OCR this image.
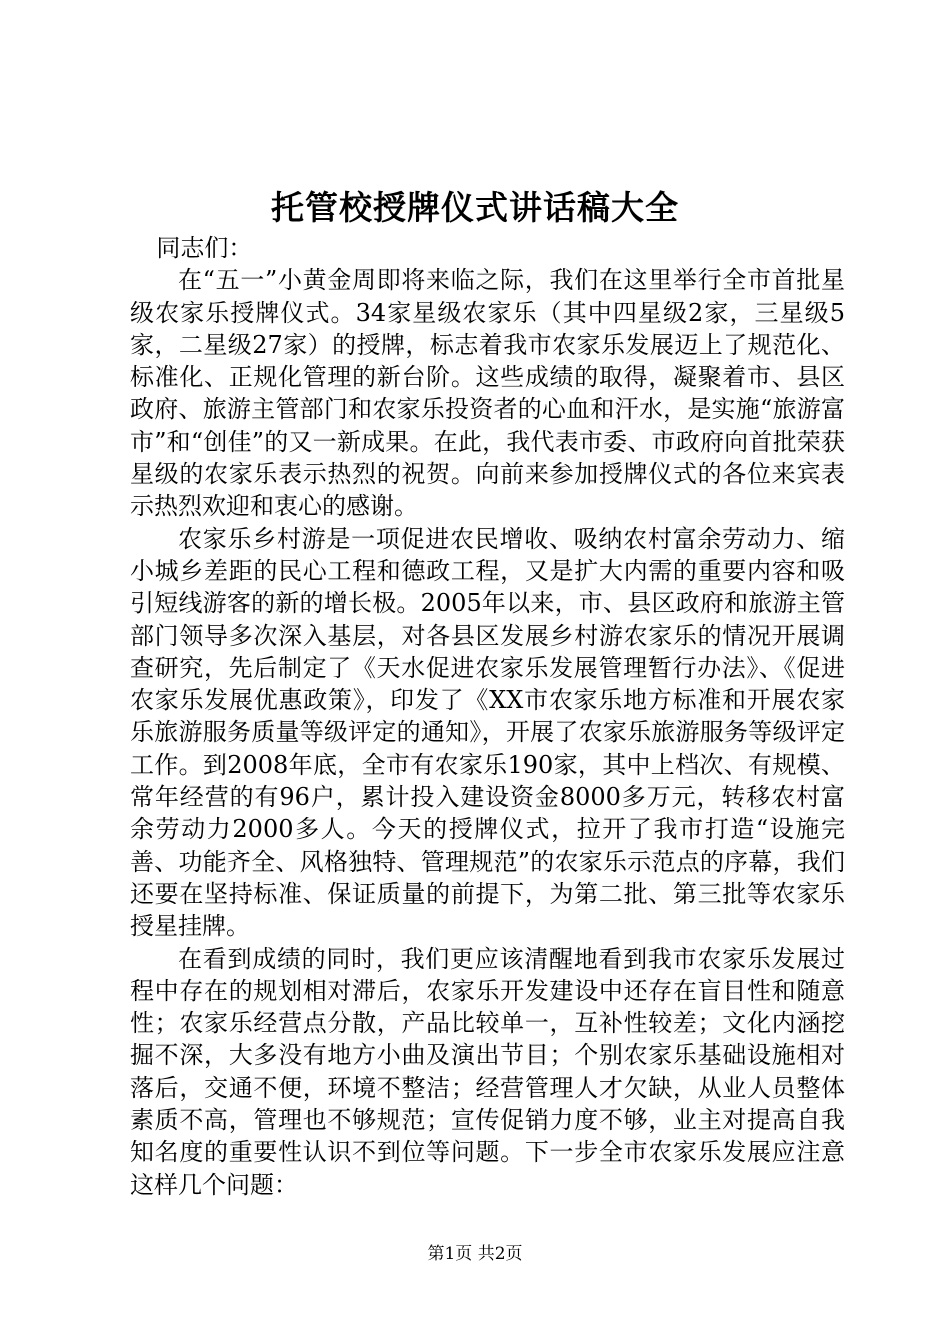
托管校授牌仪式讲话稿大全

同志们：

在“五一”小黄金周即将来临之际，我们在这里举行全市首批星级农家乐授牌仪式。34家星级农家乐（其中四星级2家，三星级5家，二星级27家）的授牌，标志着我市农家乐发展迈上了规范化、标准化、正规化管理的新台阶。这些成绩的取得，凝聚着市、县区政府、旅游主管部门和农家乐投资者的心血和汗水，是实施“旅游富市”和“创佳”的又一新成果。在此，我代表市委、市政府向首批荣获星级的农家乐表示热烈的祝贺。向前来参加授牌仪式的各位来宾表示热烈欢迎和衷心的感谢。

农家乐乡村游是一项促进农民增收、吸纳农村富余劳动力、缩小城乡差距的民心工程和德政工程，又是扩大内需的重要内容和吸引短线游客的新的增长极。2005年以来，市、县区政府和旅游主管部门领导多次深入基层，对各县区发展乡村游农家乐的情况开展调查研究，先后制定了《天水促进农家乐发展管理暂行办法》、《促进农家乐发展优惠政策》，印发了《XX市农家乐地方标准和开展农家乐旅游服务质量等级评定的通知》，开展了农家乐旅游服务等级评定工作。到2008年底，全市有农家乐190家，其中上档次、有规模、常年经营的有96户，累计投入建设资金8000多万元，转移农村富余劳动力2000多人。今天的授牌仪式，拉开了我市打造“设施完善、功能齐全、风格独特、管理规范”的农家乐示范点的序幕，我们还要在坚持标准、保证质量的前提下，为第二批、第三批等农家乐授星挂牌。

在看到成绩的同时，我们更应该清醒地看到我市农家乐发展过程中存在的规划相对滞后，农家乐开发建设中还存在盲目性和随意性；农家乐经营点分散，产品比较单一，互补性较差；文化内涵挖掘不深，大多没有地方小曲及演出节目；个别农家乐基础设施相对落后，交通不便，环境不整洁；经营管理人才欠缺，从业人员整体素质不高，管理也不够规范；宣传促销力度不够，业主对提高自我知名度的重要性认识不到位等问题。下一步全市农家乐发展应注意这样几个问题：

第1页 共2页
